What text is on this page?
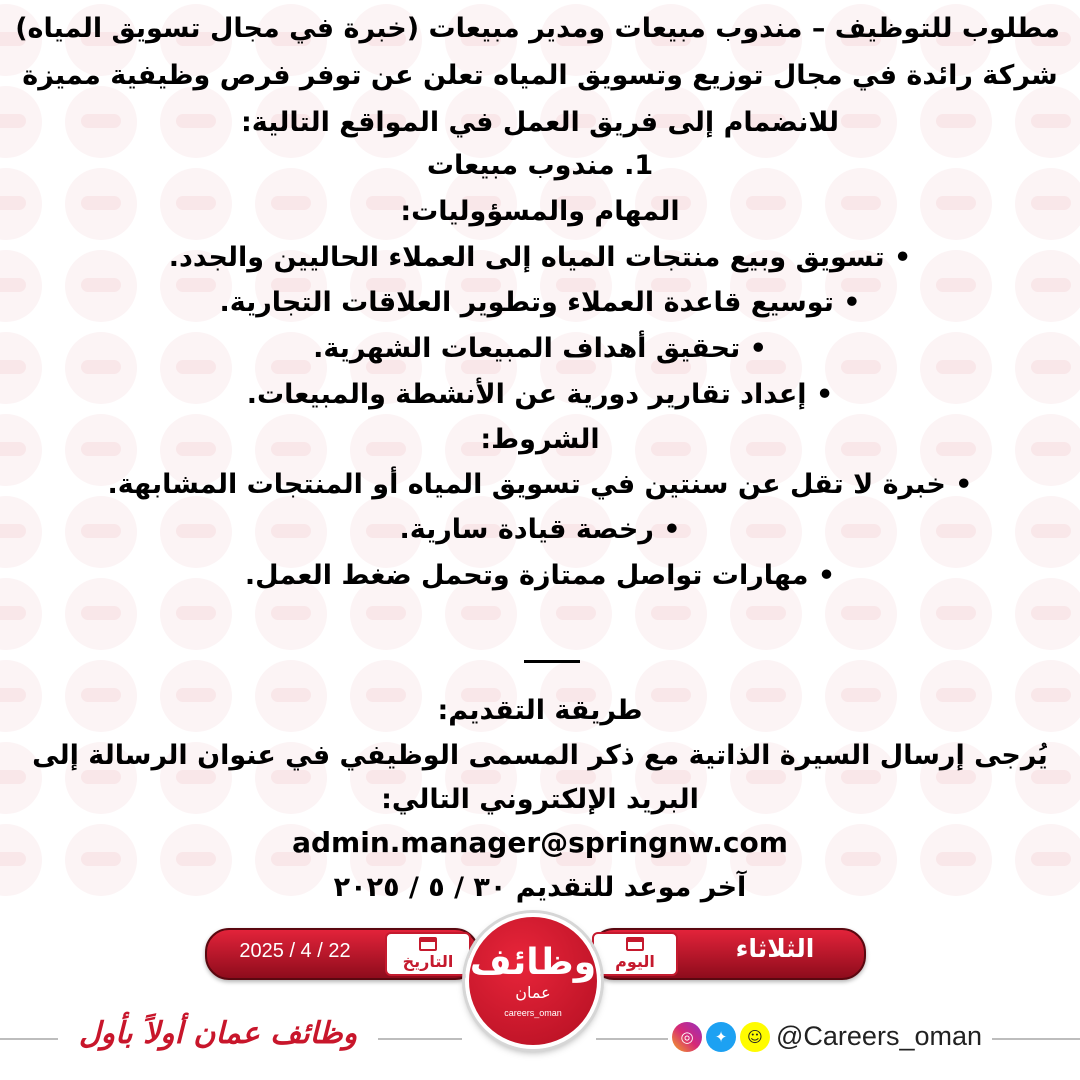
مطلوب للتوظيف – مندوب مبيعات ومدير مبيعات (خبرة في مجال تسويق المياه)
شركة رائدة في مجال توزيع وتسويق المياه تعلن عن توفر فرص وظيفية مميزة
للانضمام إلى فريق العمل في المواقع التالية:
1. مندوب مبيعات
المهام والمسؤوليات:
• تسويق وبيع منتجات المياه إلى العملاء الحاليين والجدد.
• توسيع قاعدة العملاء وتطوير العلاقات التجارية.
• تحقيق أهداف المبيعات الشهرية.
• إعداد تقارير دورية عن الأنشطة والمبيعات.
الشروط:
• خبرة لا تقل عن سنتين في تسويق المياه أو المنتجات المشابهة.
• رخصة قيادة سارية.
• مهارات تواصل ممتازة وتحمل ضغط العمل.
طريقة التقديم:
يُرجى إرسال السيرة الذاتية مع ذكر المسمى الوظيفي في عنوان الرسالة إلى
البريد الإلكتروني التالي:
admin.manager@springnw.com
آخر موعد للتقديم ٣٠ / ٥ / ٢٠٢٥
2025 / 4 / 22	الثلاثاء
التاريخ	اليوم
وظائف
عمان
careers_oman
وظائف عمان أولاً بأول	◎	✦	☺ @Careers_oman
